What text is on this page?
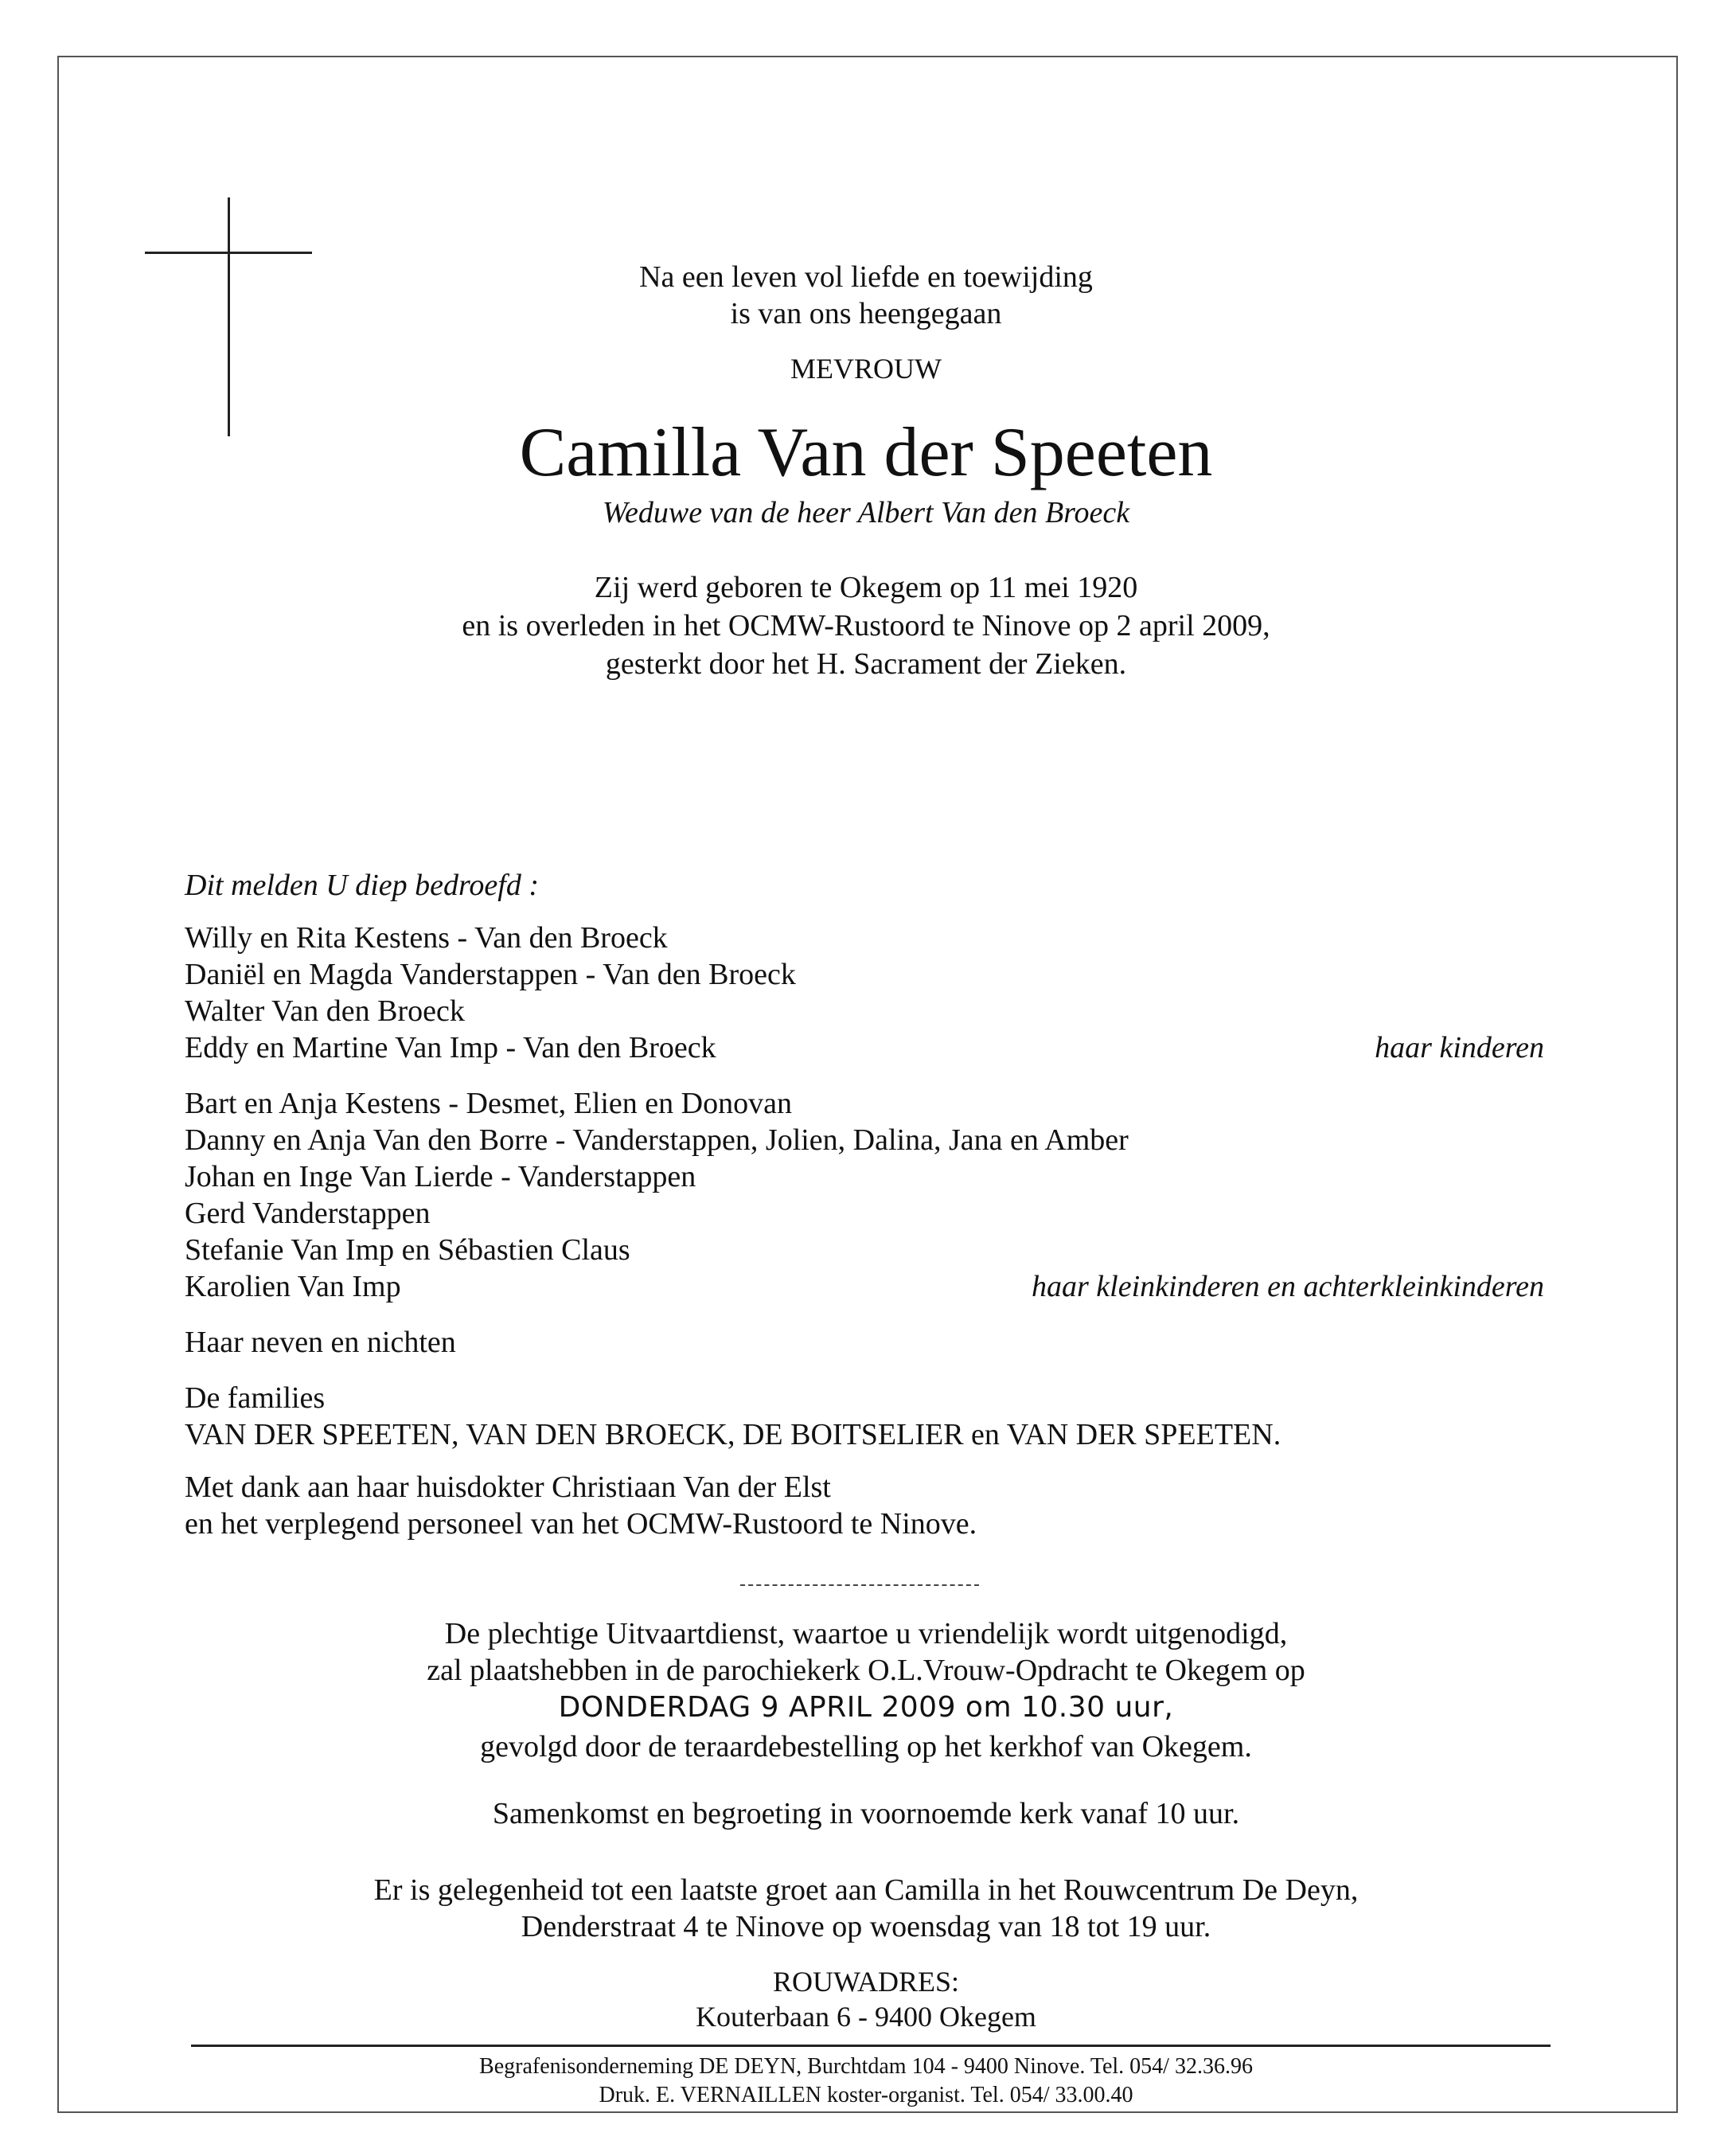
Na een leven vol liefde en toewijding
is van ons heengegaan
MEVROUW
Camilla Van der Speeten
Weduwe van de heer Albert Van den Broeck
Zij werd geboren te Okegem op 11 mei 1920
en is overleden in het OCMW-Rustoord te Ninove op 2 april 2009,
gesterkt door het H. Sacrament der Zieken.
Dit melden U diep bedroefd :
Willy en Rita Kestens - Van den Broeck
Daniël en Magda Vanderstappen - Van den Broeck
Walter Van den Broeck
Eddy en Martine Van Imp - Van den Broeck	haar kinderen
Bart en Anja Kestens - Desmet, Elien en Donovan
Danny en Anja Van den Borre - Vanderstappen, Jolien, Dalina, Jana en Amber
Johan en Inge Van Lierde - Vanderstappen
Gerd Vanderstappen
Stefanie Van Imp en Sébastien Claus
Karolien Van Imp	haar kleinkinderen en achterkleinkinderen
Haar neven en nichten
De families
VAN DER SPEETEN, VAN DEN BROECK, DE BOITSELIER en VAN DER SPEETEN.
Met dank aan haar huisdokter Christiaan Van der Elst
en het verplegend personeel van het OCMW-Rustoord te Ninove.
De plechtige Uitvaartdienst, waartoe u vriendelijk wordt uitgenodigd,
zal plaatshebben in de parochiekerk O.L.Vrouw-Opdracht te Okegem op
DONDERDAG 9 APRIL 2009 om 10.30 uur,
gevolgd door de teraardebestelling op het kerkhof van Okegem.
Samenkomst en begroeting in voornoemde kerk vanaf 10 uur.
Er is gelegenheid tot een laatste groet aan Camilla in het Rouwcentrum De Deyn,
Denderstraat 4 te Ninove op woensdag van 18 tot 19 uur.
ROUWADRES:
Kouterbaan 6 - 9400 Okegem
Begrafenisonderneming DE DEYN, Burchtdam 104 - 9400 Ninove. Tel. 054/ 32.36.96
Druk. E. VERNAILLEN koster-organist. Tel. 054/ 33.00.40
